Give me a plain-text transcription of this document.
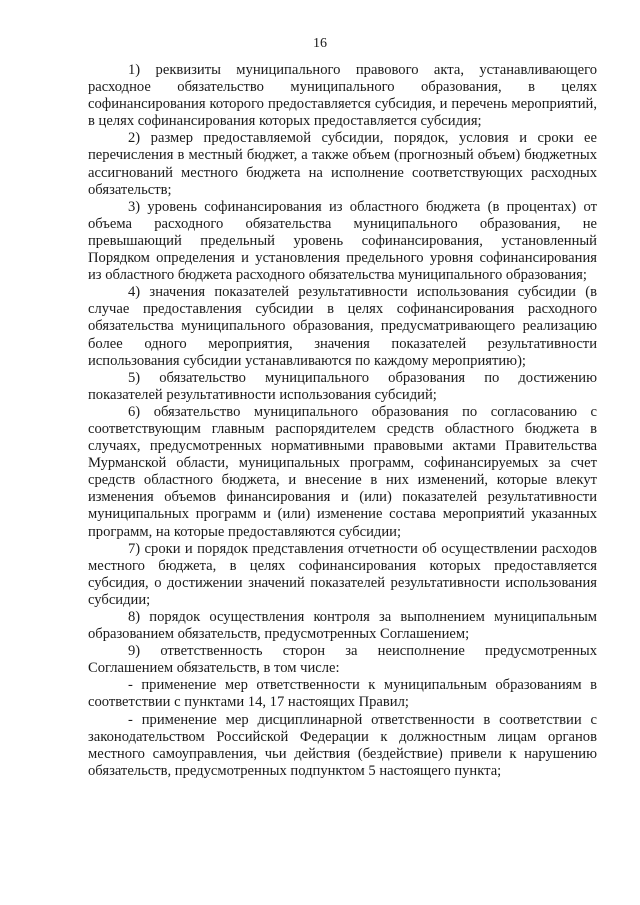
16

1) реквизиты муниципального правового акта, устанавливающего расходное обязательство муниципального образования, в целях софинансирования которого предоставляется субсидия, и перечень мероприятий, в целях софинансирования которых предоставляется субсидия;

2) размер предоставляемой субсидии, порядок, условия и сроки ее перечисления в местный бюджет, а также объем (прогнозный объем) бюджетных ассигнований местного бюджета на исполнение соответствующих расходных обязательств;

3) уровень софинансирования из областного бюджета (в процентах) от объема расходного обязательства муниципального образования, не превышающий предельный уровень софинансирования, установленный Порядком определения и установления предельного уровня софинансирования из областного бюджета расходного обязательства муниципального образования;

4) значения показателей результативности использования субсидии (в случае предоставления субсидии в целях софинансирования расходного обязательства муниципального образования, предусматривающего реализацию более одного мероприятия, значения показателей результативности использования субсидии устанавливаются по каждому мероприятию);

5) обязательство муниципального образования по достижению показателей результативности использования субсидий;

6) обязательство муниципального образования по согласованию с соответствующим главным распорядителем средств областного бюджета в случаях, предусмотренных нормативными правовыми актами Правительства Мурманской области, муниципальных программ, софинансируемых за счет средств областного бюджета, и внесение в них изменений, которые влекут изменения объемов финансирования и (или) показателей результативности муниципальных программ и (или) изменение состава мероприятий указанных программ, на которые предоставляются субсидии;

7) сроки и порядок представления отчетности об осуществлении расходов местного бюджета, в целях софинансирования которых предоставляется субсидия, о достижении значений показателей результативности использования субсидии;

8) порядок осуществления контроля за выполнением муниципальным образованием обязательств, предусмотренных Соглашением;

9) ответственность сторон за неисполнение предусмотренных Соглашением обязательств, в том числе:

- применение мер ответственности к муниципальным образованиям в соответствии с пунктами 14, 17 настоящих Правил;

- применение мер дисциплинарной ответственности в соответствии с законодательством Российской Федерации к должностным лицам органов местного самоуправления, чьи действия (бездействие) привели к нарушению обязательств, предусмотренных подпунктом 5 настоящего пункта;
